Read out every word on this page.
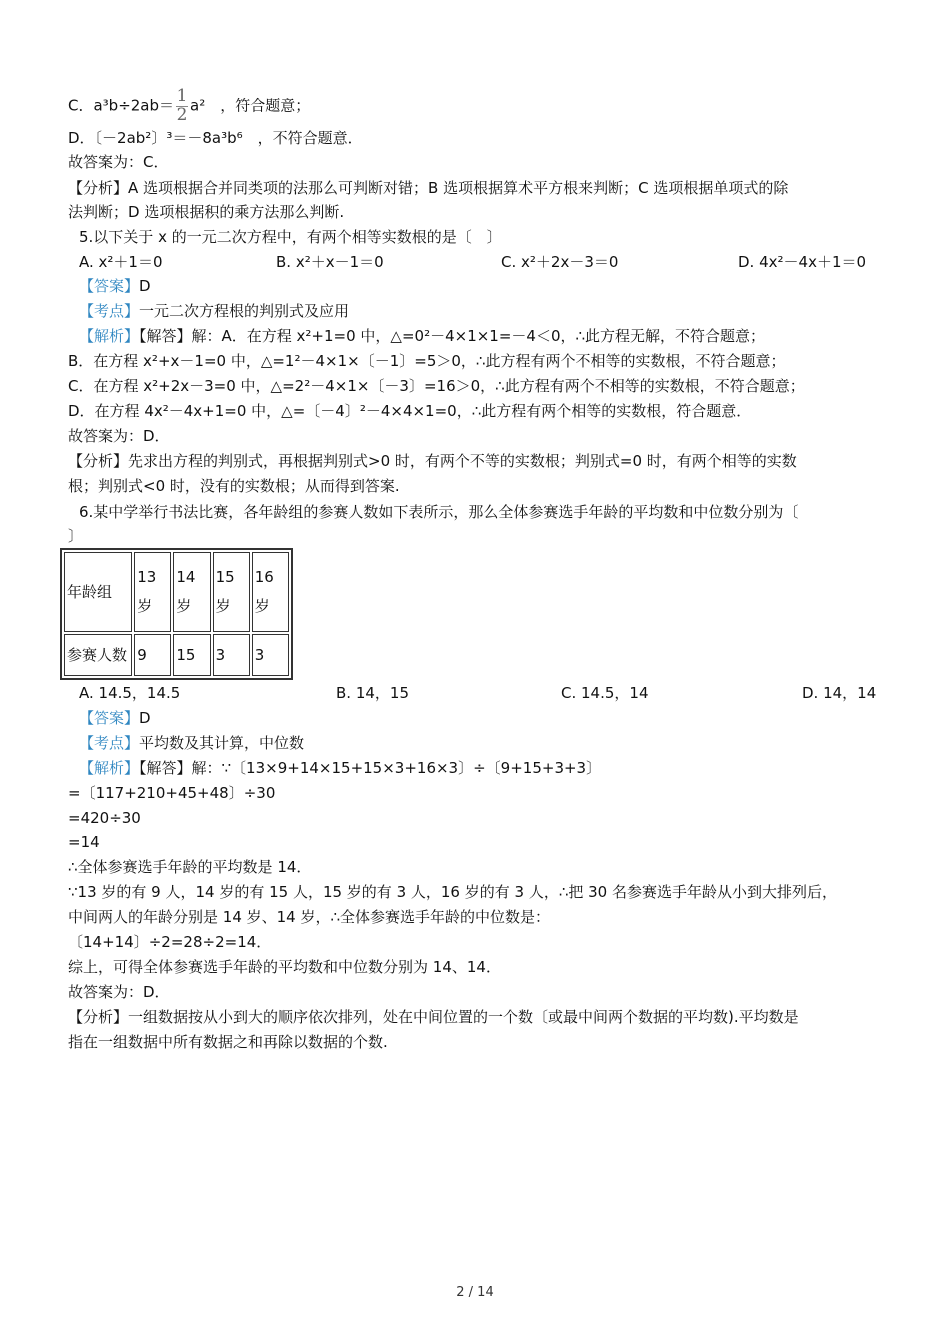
C．$a^3b\div 2ab= \frac{1}{2} a^2$　，符合题意；
D．〔－2ab²〕³＝－8a³b⁶　，不符合题意．
故答案为：C．
【分析】A 选项根据合并同类项的法那么可判断对错；B 选项根据算术平方根来判断；C 选项根据单项式的除
法判断；D 选项根据积的乘方法那么判断.
5.以下关于 x 的一元二次方程中，有两个相等实数根的是〔　〕
A. x²＋1＝0	B. x²＋x－1＝0	C. x²＋2x－3＝0	D. 4x²－4x＋1＝0
【答案】D
【考点】一元二次方程根的判别式及应用
【解析】【解答】解：A．在方程 x²+1=0 中，△=0²－4×1×1=－4＜0，∴此方程无解，不符合题意；
B．在方程 x²+x－1=0 中，△=1²－4×1×〔－1〕=5＞0，∴此方程有两个不相等的实数根，不符合题意；
C．在方程 x²+2x－3=0 中，△=2²－4×1×〔－3〕=16＞0，∴此方程有两个不相等的实数根，不符合题意；
D．在方程 4x²－4x+1=0 中，△=〔－4〕²－4×4×1=0，∴此方程有两个相等的实数根，符合题意．
故答案为：D．
【分析】先求出方程的判别式，再根据判别式>0 时，有两个不等的实数根；判别式=0 时，有两个相等的实数
根；判别式<0 时，没有的实数根；从而得到答案.
6.某中学举行书法比赛，各年龄组的参赛人数如下表所示，那么全体参赛选手年龄的平均数和中位数分别为〔
〕
年龄组	13 岁	14 岁	15 岁	16 岁
参赛人数	9	15	3	3
A. 14.5，14.5	B. 14，15	C. 14.5，14	D. 14，14
【答案】D
【考点】平均数及其计算，中位数
【解析】【解答】解：∵〔13×9+14×15+15×3+16×3〕÷〔9+15+3+3〕
=〔117+210+45+48〕÷30
=420÷30
=14
∴全体参赛选手年龄的平均数是 14．
∵13 岁的有 9 人，14 岁的有 15 人，15 岁的有 3 人，16 岁的有 3 人，∴把 30 名参赛选手年龄从小到大排列后，
中间两人的年龄分别是 14 岁、14 岁，∴全体参赛选手年龄的中位数是：
〔14+14〕÷2=28÷2=14．
综上，可得全体参赛选手年龄的平均数和中位数分别为 14、14．
故答案为：D．
【分析】一组数据按从小到大的顺序依次排列，处在中间位置的一个数〔或最中间两个数据的平均数).平均数是
指在一组数据中所有数据之和再除以数据的个数.
2 / 14
